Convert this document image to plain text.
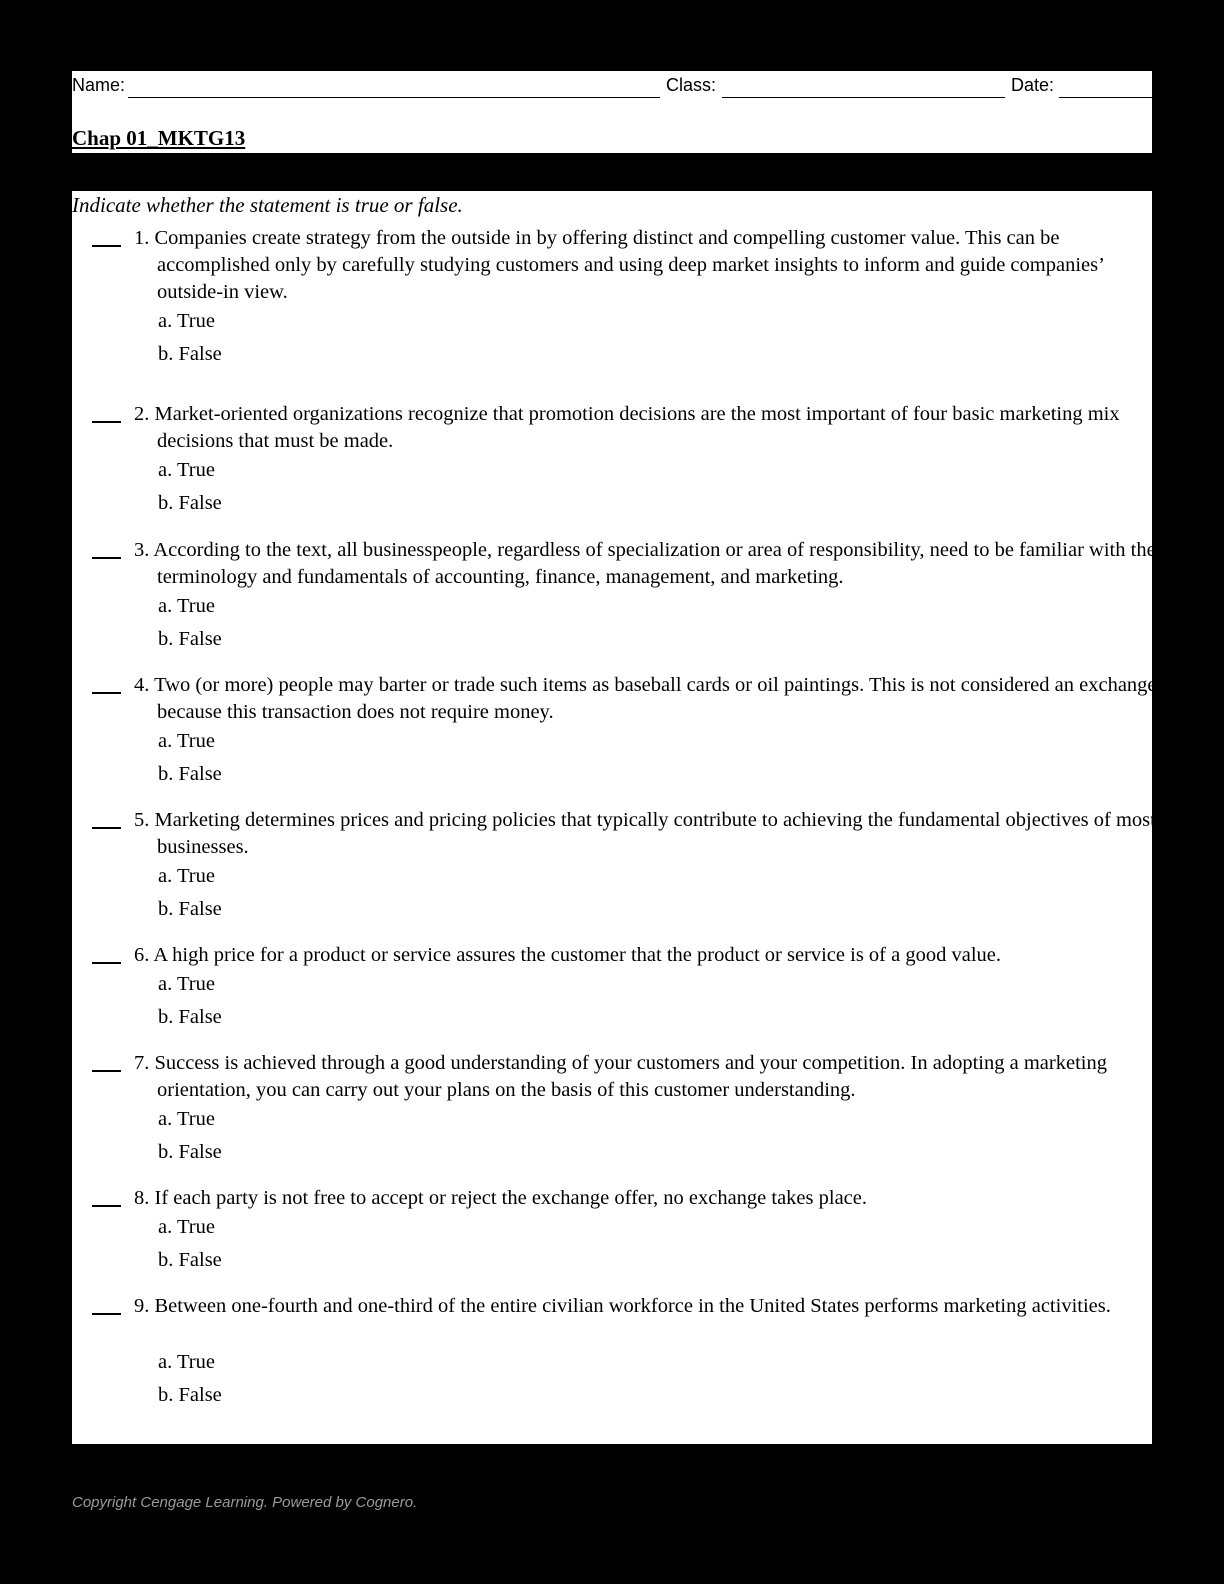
Name:	Class:	Date:
Chap 01_MKTG13
Indicate whether the statement is true or false.
1. Companies create strategy from the outside in by offering distinct and compelling customer value. This can be accomplished only by carefully studying customers and using deep market insights to inform and guide companies’ outside-in view.
a. True
b. False
2. Market-oriented organizations recognize that promotion decisions are the most important of four basic marketing mix decisions that must be made.
a. True
b. False
3. According to the text, all businesspeople, regardless of specialization or area of responsibility, need to be familiar with the terminology and fundamentals of accounting, finance, management, and marketing.
a. True
b. False
4. Two (or more) people may barter or trade such items as baseball cards or oil paintings. This is not considered an exchange because this transaction does not require money.
a. True
b. False
5. Marketing determines prices and pricing policies that typically contribute to achieving the fundamental objectives of most businesses.
a. True
b. False
6. A high price for a product or service assures the customer that the product or service is of a good value.
a. True
b. False
7. Success is achieved through a good understanding of your customers and your competition. In adopting a marketing orientation, you can carry out your plans on the basis of this customer understanding.
a. True
b. False
8. If each party is not free to accept or reject the exchange offer, no exchange takes place.
a. True
b. False
9. Between one-fourth and one-third of the entire civilian workforce in the United States performs marketing activities.
a. True
b. False
Copyright Cengage Learning. Powered by Cognero.
